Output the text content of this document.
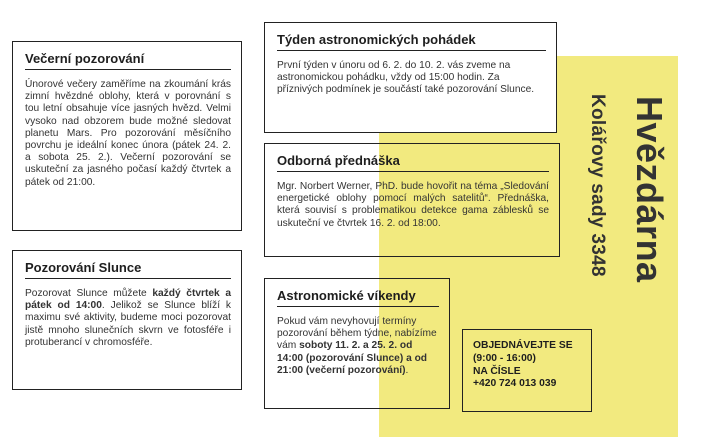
Večerní pozorování

Únorové večery zaměříme na zkoumání krás zimní hvězdné oblohy, která v porovnání s tou letní obsahuje více jasných hvězd. Velmi vysoko nad obzorem bude možné sledovat planetu Mars. Pro pozorování měsíčního povrchu je ideální konec února (pátek 24. 2. a sobota 25. 2.). Večerní pozorování se uskuteční za jasného počasí každý čtvrtek a pátek od 21:00.

Pozorování Slunce

Pozorovat Slunce můžete každý čtvrtek a pátek od 14:00. Jelikož se Slunce blíží k maximu své aktivity, budeme moci pozorovat jistě mnoho slunečních skvrn ve fotosféře i protuberancí v chromosféře.

Týden astronomických pohádek

První týden v únoru od 6. 2. do 10. 2. vás zveme na astronomickou pohádku, vždy od 15:00 hodin. Za příznivých podmínek je součástí také pozorování Slunce.

Odborná přednáška

Mgr. Norbert Werner, PhD. bude hovořit na téma „Sledování energetické oblohy pomocí malých satelitů“. Přednáška, která souvisí s problematikou detekce gama záblesků se uskuteční ve čtvrtek 16. 2. od 18:00.

Astronomické víkendy

Pokud vám nevyhovují termíny pozorování během týdne, nabízíme vám soboty 11. 2. a 25. 2. od 14:00 (pozorování Slunce) a od 21:00 (večerní pozorování).

OBJEDNÁVEJTE SE
(9:00 - 16:00)
NA ČÍSLE
+420 724 013 039
Hvězdárna
Kolářovy sady 3348
